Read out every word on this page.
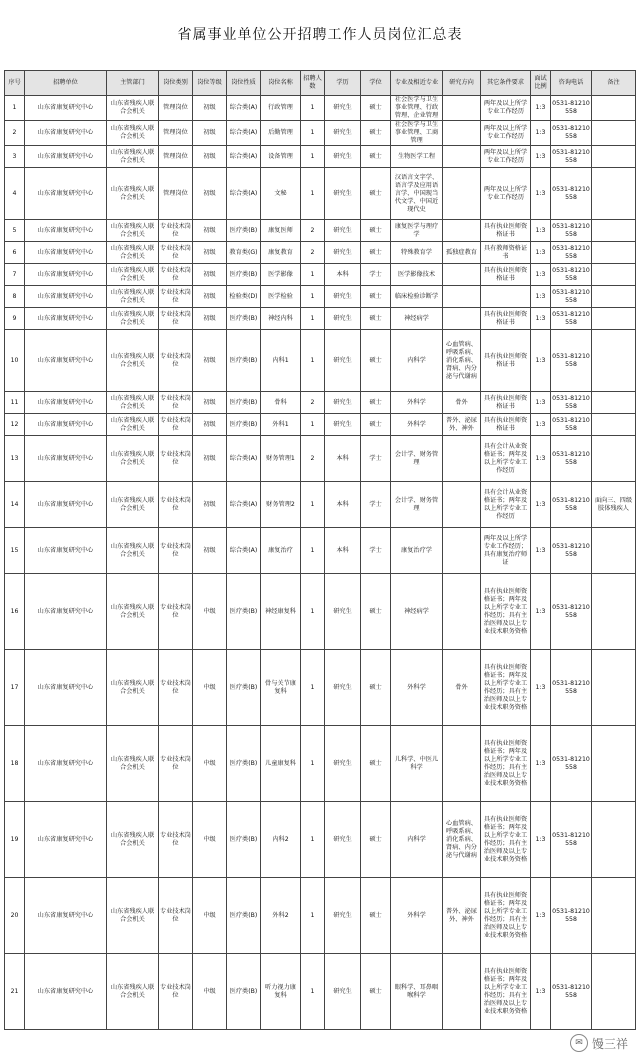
省属事业单位公开招聘工作人员岗位汇总表
序号	招聘单位	主管部门	岗位类别	岗位等级	岗位性质	岗位名称	招聘人数	学历	学位	专业及相近专业	研究方向	其它条件要求	面试比例	咨询电话	备注
1	山东省康复研究中心	山东省残疾人联合会机关	管理岗位	初级	综合类(A)	行政管理	1	研究生	硕士	社会医学与卫生事业管理、行政管理、企业管理		两年及以上所学专业工作经历	1:3	0531-81210558	
2	山东省康复研究中心	山东省残疾人联合会机关	管理岗位	初级	综合类(A)	后勤管理	1	研究生	硕士	社会医学与卫生事业管理、工商管理		两年及以上所学专业工作经历	1:3	0531-81210558	
3	山东省康复研究中心	山东省残疾人联合会机关	管理岗位	初级	综合类(A)	设备管理	1	研究生	硕士	生物医学工程		两年及以上所学专业工作经历	1:3	0531-81210558	
4	山东省康复研究中心	山东省残疾人联合会机关	管理岗位	初级	综合类(A)	文秘	1	研究生	硕士	汉语言文字学、语言学及应用语言学、中国现当代文学、中国近现代史		两年及以上所学专业工作经历	1:3	0531-81210558	
5	山东省康复研究中心	山东省残疾人联合会机关	专业技术岗位	初级	医疗类(B)	康复医师	2	研究生	硕士	康复医学与理疗学		具有执业医师资格证书	1:3	0531-81210558	
6	山东省康复研究中心	山东省残疾人联合会机关	专业技术岗位	初级	教育类(G)	康复教育	2	研究生	硕士	特殊教育学	孤独症教育	具有教师资格证书	1:3	0531-81210558	
7	山东省康复研究中心	山东省残疾人联合会机关	专业技术岗位	初级	医疗类(B)	医学影像	1	本科	学士	医学影像技术		具有执业医师资格证书	1:3	0531-81210558	
8	山东省康复研究中心	山东省残疾人联合会机关	专业技术岗位	初级	检验类(D)	医学检验	1	研究生	硕士	临床检验诊断学			1:3	0531-81210558	
9	山东省康复研究中心	山东省残疾人联合会机关	专业技术岗位	初级	医疗类(B)	神经内科	1	研究生	硕士	神经病学		具有执业医师资格证书	1:3	0531-81210558	
10	山东省康复研究中心	山东省残疾人联合会机关	专业技术岗位	初级	医疗类(B)	内科1	1	研究生	硕士	内科学	心血管病、呼吸系病、消化系病、肾病、内分泌与代谢病	具有执业医师资格证书	1:3	0531-81210558	
11	山东省康复研究中心	山东省残疾人联合会机关	专业技术岗位	初级	医疗类(B)	骨科	2	研究生	硕士	外科学	骨外	具有执业医师资格证书	1:3	0531-81210558	
12	山东省康复研究中心	山东省残疾人联合会机关	专业技术岗位	初级	医疗类(B)	外科1	1	研究生	硕士	外科学	普外、泌尿外、神外	具有执业医师资格证书	1:3	0531-81210558	
13	山东省康复研究中心	山东省残疾人联合会机关	专业技术岗位	初级	综合类(A)	财务管理1	2	本科	学士	会计学、财务管理		具有会计从业资格证书；两年及以上所学专业工作经历	1:3	0531-81210558	
14	山东省康复研究中心	山东省残疾人联合会机关	专业技术岗位	初级	综合类(A)	财务管理2	1	本科	学士	会计学、财务管理		具有会计从业资格证书；两年及以上所学专业工作经历	1:3	0531-81210558	面向三、四级肢体残疾人
15	山东省康复研究中心	山东省残疾人联合会机关	专业技术岗位	初级	综合类(A)	康复治疗	1	本科	学士	康复治疗学		两年及以上所学专业工作经历；具有康复治疗师证	1:3	0531-81210558	
16	山东省康复研究中心	山东省残疾人联合会机关	专业技术岗位	中级	医疗类(B)	神经康复科	1	研究生	硕士	神经病学		具有执业医师资格证书；两年及以上所学专业工作经历；具有主治医师及以上专业技术职务资格	1:3	0531-81210558	
17	山东省康复研究中心	山东省残疾人联合会机关	专业技术岗位	中级	医疗类(B)	骨与关节康复科	1	研究生	硕士	外科学	骨外	具有执业医师资格证书；两年及以上所学专业工作经历；具有主治医师及以上专业技术职务资格	1:3	0531-81210558	
18	山东省康复研究中心	山东省残疾人联合会机关	专业技术岗位	中级	医疗类(B)	儿童康复科	1	研究生	硕士	儿科学、中医儿科学		具有执业医师资格证书；两年及以上所学专业工作经历；具有主治医师及以上专业技术职务资格	1:3	0531-81210558	
19	山东省康复研究中心	山东省残疾人联合会机关	专业技术岗位	中级	医疗类(B)	内科2	1	研究生	硕士	内科学	心血管病、呼吸系病、消化系病、肾病、内分泌与代谢病	具有执业医师资格证书；两年及以上所学专业工作经历；具有主治医师及以上专业技术职务资格	1:3	0531-81210558	
20	山东省康复研究中心	山东省残疾人联合会机关	专业技术岗位	中级	医疗类(B)	外科2	1	研究生	硕士	外科学	普外、泌尿外、神外	具有执业医师资格证书；两年及以上所学专业工作经历；具有主治医师及以上专业技术职务资格	1:3	0531-81210558	
21	山东省康复研究中心	山东省残疾人联合会机关	专业技术岗位	中级	医疗类(B)	听力视力康复科	1	研究生	硕士	眼科学、耳鼻咽喉科学		具有执业医师资格证书；两年及以上所学专业工作经历；具有主治医师及以上专业技术职务资格	1:3	0531-81210558	
✉ 馒三祥
